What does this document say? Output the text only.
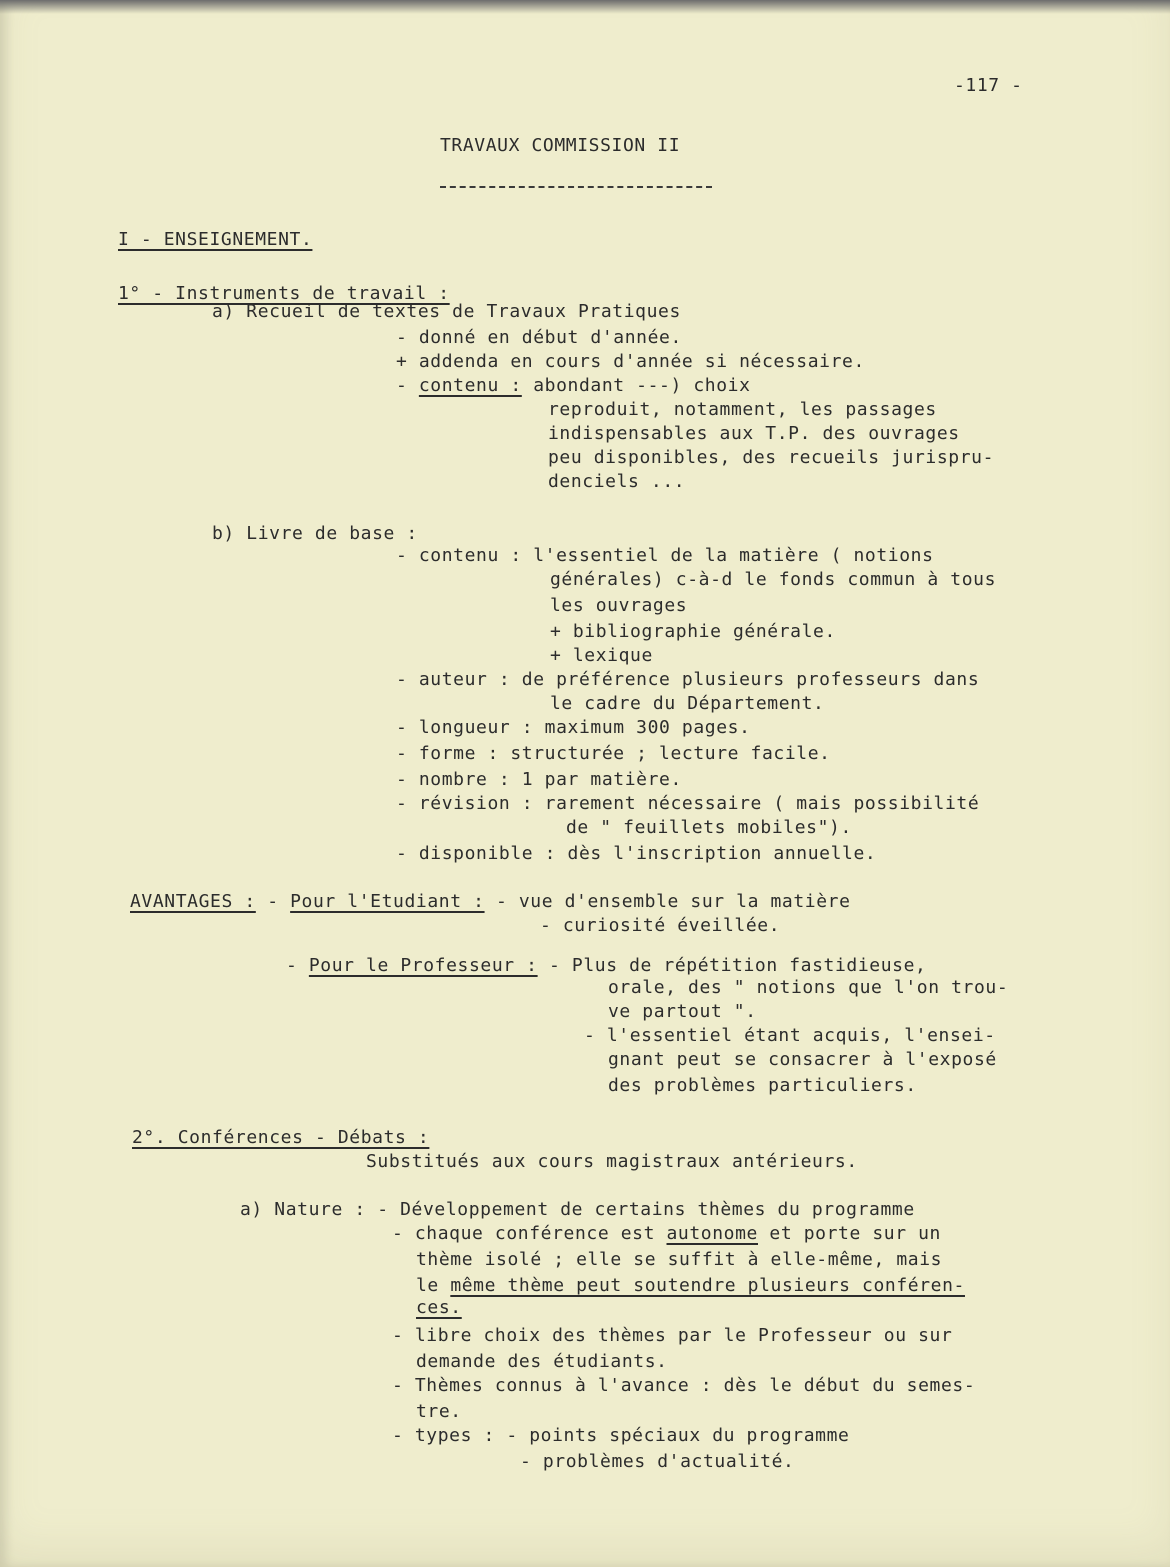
-117 -
TRAVAUX COMMISSION II
I - ENSEIGNEMENT.
1° - Instruments de travail :
a) Recueil de textes de Travaux Pratiques
- donné en début d'année.
+ addenda en cours d'année si nécessaire.
- contenu : abondant ---) choix
reproduit, notamment, les passages
indispensables aux T.P. des ouvrages
peu disponibles, des recueils jurispru-
denciels ...
b) Livre de base :
- contenu : l'essentiel de la matière ( notions
générales) c-à-d le fonds commun à tous
les ouvrages
+ bibliographie générale.
+ lexique
- auteur : de préférence plusieurs professeurs dans
le cadre du Département.
- longueur : maximum 300 pages.
- forme : structurée ; lecture facile.
- nombre : 1 par matière.
- révision : rarement nécessaire ( mais possibilité
de " feuillets mobiles").
- disponible : dès l'inscription annuelle.
AVANTAGES : - Pour l'Etudiant : - vue d'ensemble sur la matière
- curiosité éveillée.
- Pour le Professeur : - Plus de répétition fastidieuse,
orale, des " notions que l'on trou-
ve partout ".
- l'essentiel étant acquis, l'ensei-
gnant peut se consacrer à l'exposé
des problèmes particuliers.
2°. Conférences - Débats :
Substitués aux cours magistraux antérieurs.
a) Nature : - Développement de certains thèmes du programme
- chaque conférence est autonome et porte sur un
thème isolé ; elle se suffit à elle-même, mais
le même thème peut soutendre plusieurs conféren-
ces.
- libre choix des thèmes par le Professeur ou sur
demande des étudiants.
- Thèmes connus à l'avance : dès le début du semes-
tre.
- types : - points spéciaux du programme
- problèmes d'actualité.
